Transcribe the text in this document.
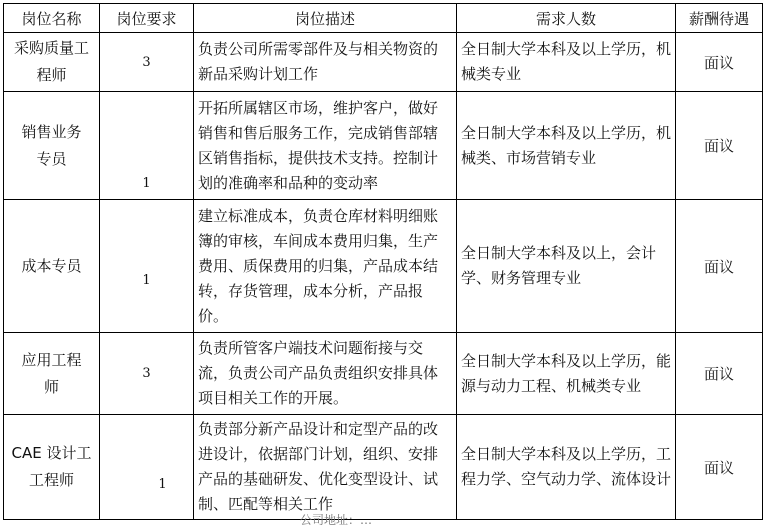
岗位名称	岗位要求	岗位描述	需求人数	薪酬待遇
采购质量工程师	3	负责公司所需零部件及与相关物资的新品采购计划工作	全日制大学本科及以上学历，机械类专业	面议
销售业务专员	1	开拓所属辖区市场，维护客户，做好销售和售后服务工作，完成销售部辖区销售指标，提供技术支持。控制计划的准确率和品种的变动率	全日制大学本科及以上学历，机械类、市场营销专业	面议
成本专员	1	建立标准成本，负责仓库材料明细账簿的审核，车间成本费用归集，生产费用、质保费用的归集，产品成本结转，存货管理，成本分析，产品报价。	全日制大学本科及以上，会计学、财务管理专业	面议
应用工程师	3	负责所管客户端技术问题衔接与交流，负责公司产品负责组织安排具体项目相关工作的开展。	全日制大学本科及以上学历，能源与动力工程、机械类专业	面议
CAE 设计工工程师	1	负责部分新产品设计和定型产品的改进设计，依据部门计划，组织、安排产品的基础研发、优化变型设计、试制、匹配等相关工作	全日制大学本科及以上学历，工程力学、空气动力学、流体设计	面议
公司地址：…
